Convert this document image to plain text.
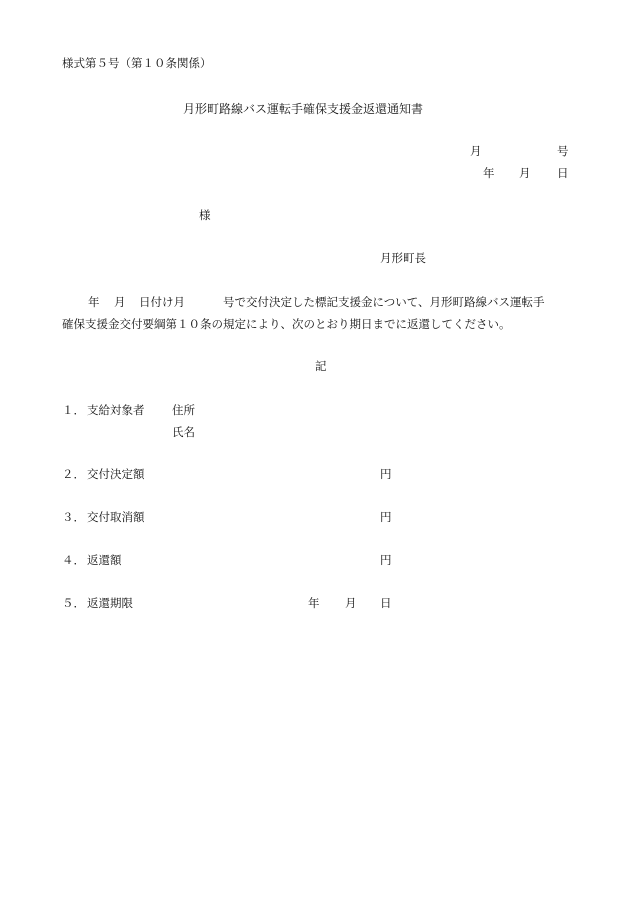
様式第５号（第１０条関係）
月形町路線バス運転手確保支援金返還通知書
月	号
年 月 日
様
月形町長
年 月 日付け月	号で交付決定した標記支援金について、月形町路線バス運転手
確保支援金交付要綱第１０条の規定により、次のとおり期日までに返還してください。
記
１． 支給対象者 住所
氏名
２． 交付決定額	円
３． 交付取消額	円
４． 返還額	円
５． 返還期限	年 月 日
